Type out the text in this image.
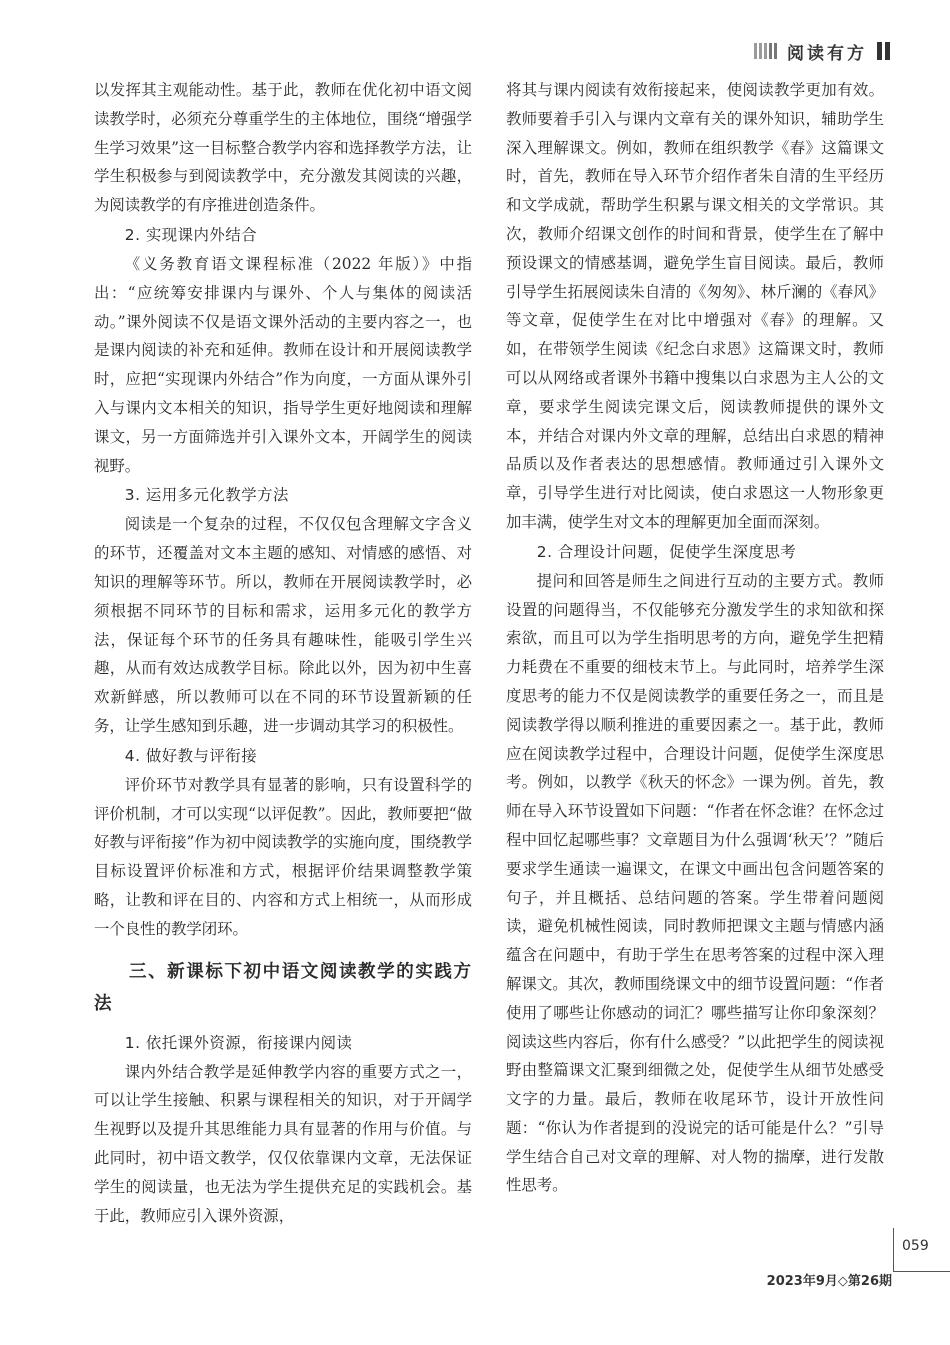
阅读有方

以发挥其主观能动性。基于此，教师在优化初中语文阅读教学时，必须充分尊重学生的主体地位，围绕“增强学生学习效果”这一目标整合教学内容和选择教学方法，让学生积极参与到阅读教学中，充分激发其阅读的兴趣，为阅读教学的有序推进创造条件。

2. 实现课内外结合

《义务教育语文课程标准（2022 年版）》中指出：“应统筹安排课内与课外、个人与集体的阅读活动。”课外阅读不仅是语文课外活动的主要内容之一，也是课内阅读的补充和延伸。教师在设计和开展阅读教学时，应把“实现课内外结合”作为向度，一方面从课外引入与课内文本相关的知识，指导学生更好地阅读和理解课文，另一方面筛选并引入课外文本，开阔学生的阅读视野。

3. 运用多元化教学方法

阅读是一个复杂的过程，不仅仅包含理解文字含义的环节，还覆盖对文本主题的感知、对情感的感悟、对知识的理解等环节。所以，教师在开展阅读教学时，必须根据不同环节的目标和需求，运用多元化的教学方法，保证每个环节的任务具有趣味性，能吸引学生兴趣，从而有效达成教学目标。除此以外，因为初中生喜欢新鲜感，所以教师可以在不同的环节设置新颖的任务，让学生感知到乐趣，进一步调动其学习的积极性。

4. 做好教与评衔接

评价环节对教学具有显著的影响，只有设置科学的评价机制，才可以实现“以评促教”。因此，教师要把“做好教与评衔接”作为初中阅读教学的实施向度，围绕教学目标设置评价标准和方式，根据评价结果调整教学策略，让教和评在目的、内容和方式上相统一，从而形成一个良性的教学闭环。

三、新课标下初中语文阅读教学的实践方法
1. 依托课外资源，衔接课内阅读

课内外结合教学是延伸教学内容的重要方式之一，可以让学生接触、积累与课程相关的知识，对于开阔学生视野以及提升其思维能力具有显著的作用与价值。与此同时，初中语文教学，仅仅依靠课内文章，无法保证学生的阅读量，也无法为学生提供充足的实践机会。基于此，教师应引入课外资源，

将其与课内阅读有效衔接起来，使阅读教学更加有效。教师要着手引入与课内文章有关的课外知识，辅助学生深入理解课文。例如，教师在组织教学《春》这篇课文时，首先，教师在导入环节介绍作者朱自清的生平经历和文学成就，帮助学生积累与课文相关的文学常识。其次，教师介绍课文创作的时间和背景，使学生在了解中预设课文的情感基调，避免学生盲目阅读。最后，教师引导学生拓展阅读朱自清的《匆匆》、林斤澜的《春风》等文章，促使学生在对比中增强对《春》的理解。又如，在带领学生阅读《纪念白求恩》这篇课文时，教师可以从网络或者课外书籍中搜集以白求恩为主人公的文章，要求学生阅读完课文后，阅读教师提供的课外文本，并结合对课内外文章的理解，总结出白求恩的精神品质以及作者表达的思想感情。教师通过引入课外文章，引导学生进行对比阅读，使白求恩这一人物形象更加丰满，使学生对文本的理解更加全面而深刻。

2. 合理设计问题，促使学生深度思考

提问和回答是师生之间进行互动的主要方式。教师设置的问题得当，不仅能够充分激发学生的求知欲和探索欲，而且可以为学生指明思考的方向，避免学生把精力耗费在不重要的细枝末节上。与此同时，培养学生深度思考的能力不仅是阅读教学的重要任务之一，而且是阅读教学得以顺利推进的重要因素之一。基于此，教师应在阅读教学过程中，合理设计问题，促使学生深度思考。例如，以教学《秋天的怀念》一课为例。首先，教师在导入环节设置如下问题：“作者在怀念谁？在怀念过程中回忆起哪些事？文章题目为什么强调‘秋天’？”随后要求学生通读一遍课文，在课文中画出包含问题答案的句子，并且概括、总结问题的答案。学生带着问题阅读，避免机械性阅读，同时教师把课文主题与情感内涵蕴含在问题中，有助于学生在思考答案的过程中深入理解课文。其次，教师围绕课文中的细节设置问题：“作者使用了哪些让你感动的词汇？哪些描写让你印象深刻？阅读这些内容后，你有什么感受？”以此把学生的阅读视野由整篇课文汇聚到细微之处，促使学生从细节处感受文字的力量。最后，教师在收尾环节，设计开放性问题：“你认为作者提到的没说完的话可能是什么？”引导学生结合自己对文章的理解、对人物的揣摩，进行发散性思考。

059
2023年9月◇第26期
